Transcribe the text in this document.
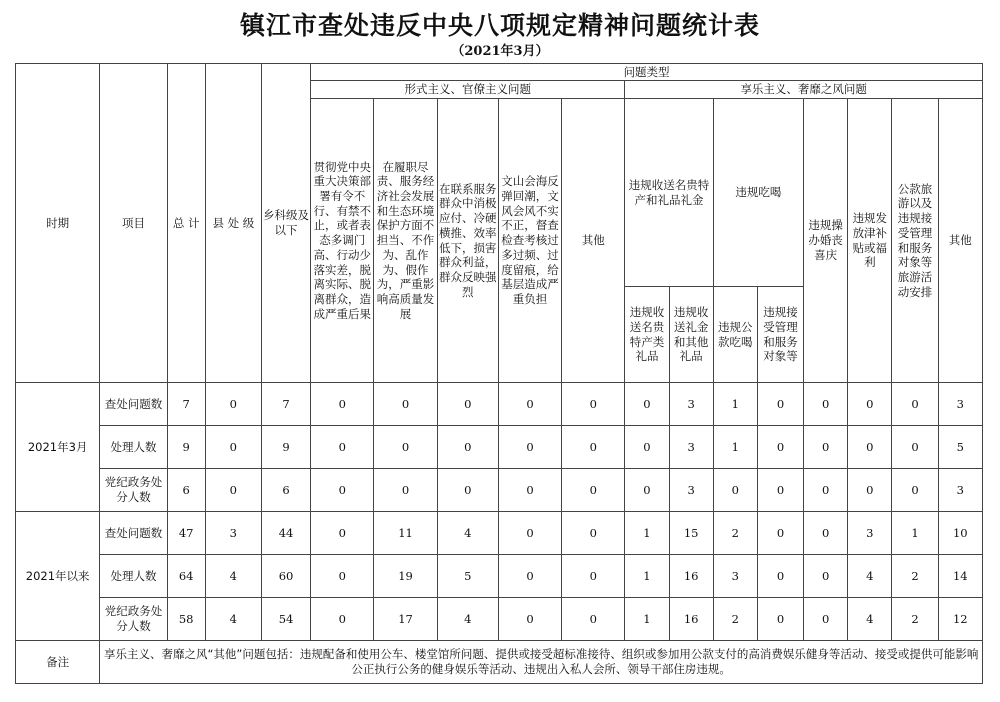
镇江市查处违反中央八项规定精神问题统计表
（2021年3月）
时期	项目	总 计	县 处 级	乡科级及以下	问题类型												
					形式主义、官僚主义问题					享乐主义、奢靡之风问题							
					贯彻党中央重大决策部署有令不行、有禁不止，或者表态多调门高、行动少落实差，脱离实际、脱离群众，造成严重后果	在履职尽责、服务经济社会发展和生态环境保护方面不担当、不作为、乱作为、假作为，严重影响高质量发展	在联系服务群众中消极应付、冷硬横推、效率低下，损害群众利益，群众反映强烈	文山会海反弹回潮，文风会风不实不正，督查检查考核过多过频、过度留痕，给基层造成严重负担	其他	违规收送名贵特产和礼品礼金		违规吃喝		违规操办婚丧喜庆	违规发放津补贴或福利	公款旅游以及违规接受管理和服务对象等旅游活动安排	其他
										违规收送名贵特产类礼品	违规收送礼金和其他礼品	违规公款吃喝	违规接受管理和服务对象等				
2021年3月	查处问题数	7	0	7	0	0	0	0	0	0	3	1	0	0	0	0	3
	处理人数	9	0	9	0	0	0	0	0	0	3	1	0	0	0	0	5
	党纪政务处分人数	6	0	6	0	0	0	0	0	0	3	0	0	0	0	0	3
2021年以来	查处问题数	47	3	44	0	11	4	0	0	1	15	2	0	0	3	1	10
	处理人数	64	4	60	0	19	5	0	0	1	16	3	0	0	4	2	14
	党纪政务处分人数	58	4	54	0	17	4	0	0	1	16	2	0	0	4	2	12
备注	享乐主义、奢靡之风“其他”问题包括：违规配备和使用公车、楼堂馆所问题、提供或接受超标准接待、组织或参加用公款支付的高消费娱乐健身等活动、接受或提供可能影响公正执行公务的健身娱乐等活动、违规出入私人会所、领导干部住房违规。																
